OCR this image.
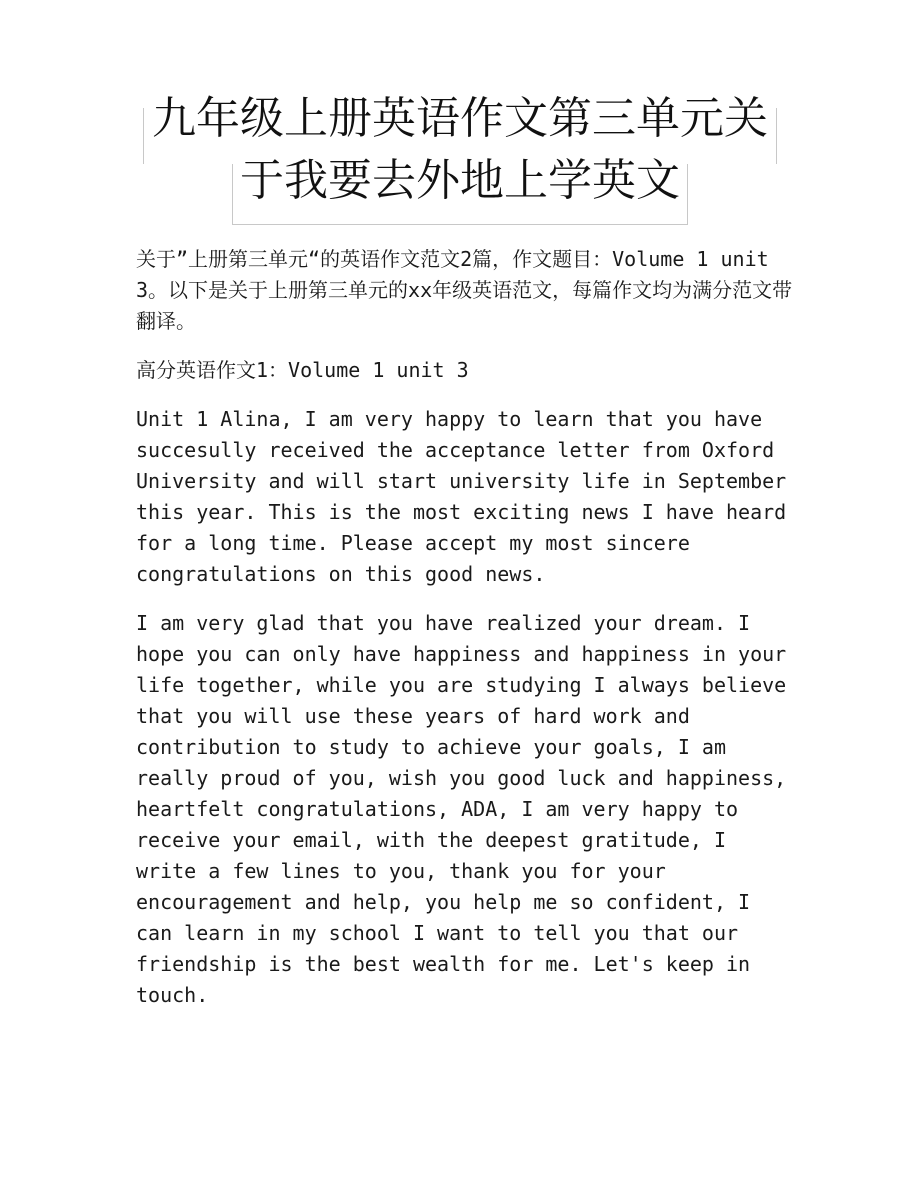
九年级上册英语作文第三单元关

于我要去外地上学英文

关于”上册第三单元“的英语作文范文2篇，作文题目：Volume 1 unit 3。以下是关于上册第三单元的xx年级英语范文，每篇作文均为满分范文带翻译。

高分英语作文1：Volume 1 unit 3

Unit 1 Alina, I am very happy to learn that you have succesully received the acceptance letter from Oxford University and will start university life in September this year. This is the most exciting news I have heard for a long time. Please accept my most sincere congratulations on this good news.

I am very glad that you have realized your dream. I hope you can only have happiness and happiness in your life together, while you are studying I always believe that you will use these years of hard work and contribution to study to achieve your goals, I am really proud of you, wish you good luck and happiness, heartfelt congratulations, ADA, I am very happy to receive your email, with the deepest gratitude, I write a few lines to you, thank you for your encouragement and help, you help me so confident, I can learn in my school I want to tell you that our friendship is the best wealth for me. Let's keep in touch.
